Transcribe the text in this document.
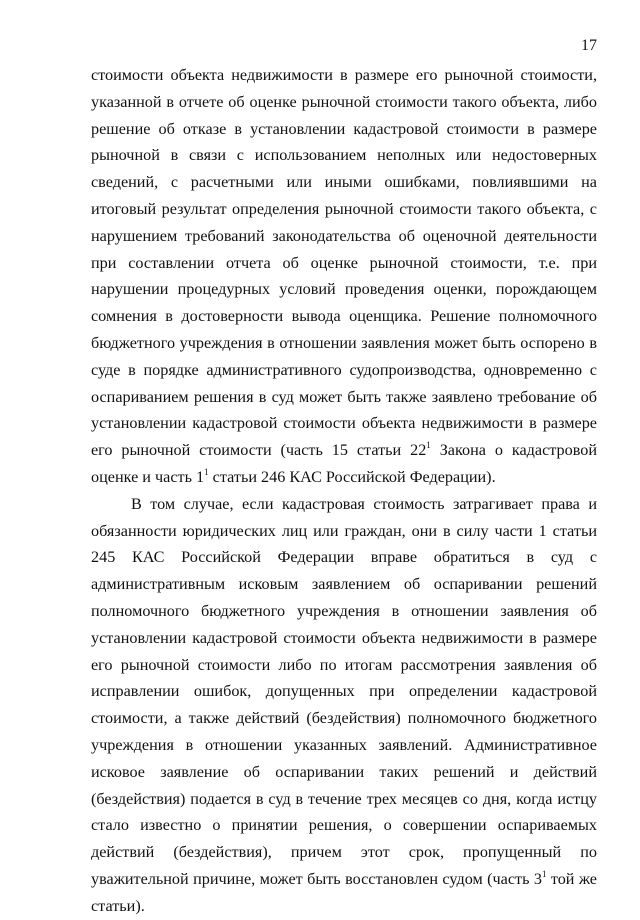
17

стоимости объекта недвижимости в размере его рыночной стоимости, указанной в отчете об оценке рыночной стоимости такого объекта, либо решение об отказе в установлении кадастровой стоимости в размере рыночной в связи с использованием неполных или недостоверных сведений, с расчетными или иными ошибками, повлиявшими на итоговый результат определения рыночной стоимости такого объекта, с нарушением требований законодательства об оценочной деятельности при составлении отчета об оценке рыночной стоимости, т.е. при нарушении процедурных условий проведения оценки, порождающем сомнения в достоверности вывода оценщика. Решение полномочного бюджетного учреждения в отношении заявления может быть оспорено в суде в порядке административного судопроизводства, одновременно с оспариванием решения в суд может быть также заявлено требование об установлении кадастровой стоимости объекта недвижимости в размере его рыночной стоимости (часть 15 статьи $22^1$ Закона о кадастровой оценке и часть $1^1$ статьи 246 КАС Российской Федерации).

В том случае, если кадастровая стоимость затрагивает права и обязанности юридических лиц или граждан, они в силу части 1 статьи 245 КАС Российской Федерации вправе обратиться в суд с административным исковым заявлением об оспаривании решений полномочного бюджетного учреждения в отношении заявления об установлении кадастровой стоимости объекта недвижимости в размере его рыночной стоимости либо по итогам рассмотрения заявления об исправлении ошибок, допущенных при определении кадастровой стоимости, а также действий (бездействия) полномочного бюджетного учреждения в отношении указанных заявлений. Административное исковое заявление об оспаривании таких решений и действий (бездействия) подается в суд в течение трех месяцев со дня, когда истцу стало известно о принятии решения, о совершении оспариваемых действий (бездействия), причем этот срок, пропущенный по уважительной причине, может быть восстановлен судом (часть $3^1$ той же статьи).
